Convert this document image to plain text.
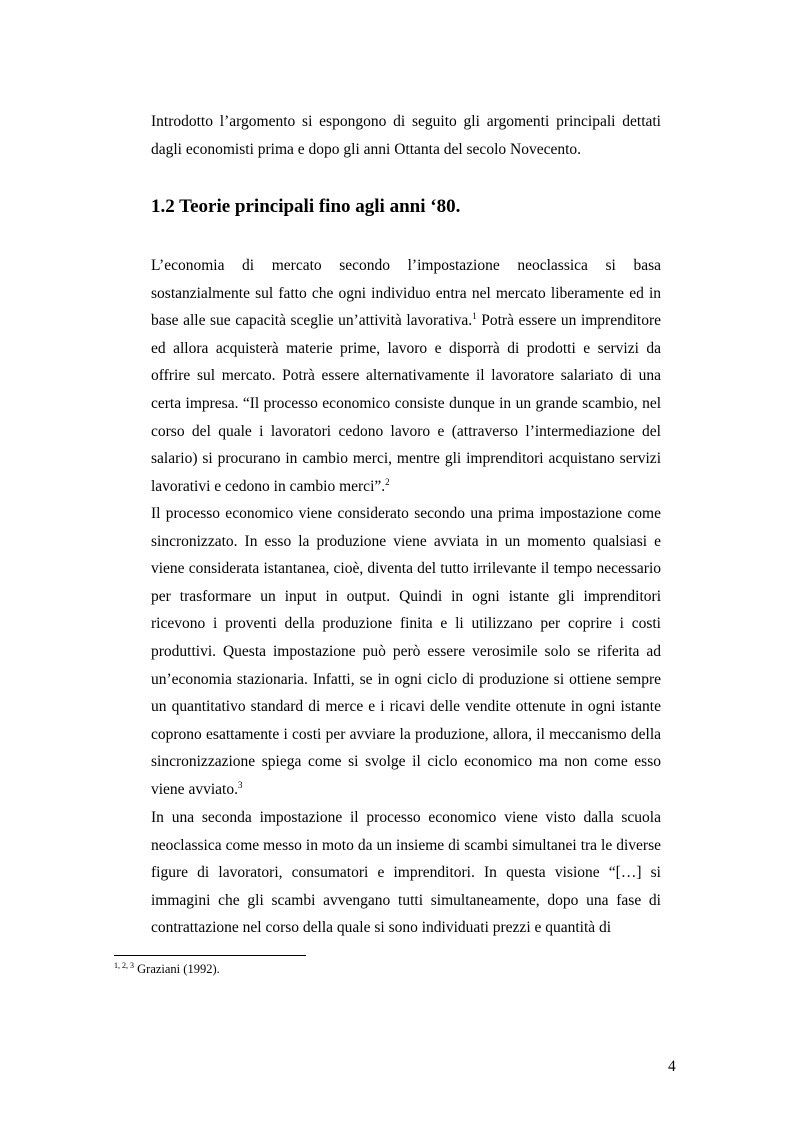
Introdotto l’argomento si espongono di seguito gli argomenti principali dettati dagli economisti prima e dopo gli anni Ottanta del secolo Novecento.

1.2 Teorie principali fino agli anni ‘80.

L’economia di mercato secondo l’impostazione neoclassica si basa sostanzialmente sul fatto che ogni individuo entra nel mercato liberamente ed in base alle sue capacità sceglie un’attività lavorativa.$^1$ Potrà essere un imprenditore ed allora acquisterà materie prime, lavoro e disporrà di prodotti e servizi da offrire sul mercato. Potrà essere alternativamente il lavoratore salariato di una certa impresa. “Il processo economico consiste dunque in un grande scambio, nel corso del quale i lavoratori cedono lavoro e (attraverso l’intermediazione del salario) si procurano in cambio merci, mentre gli imprenditori acquistano servizi lavorativi e cedono in cambio merci”.$^2$

Il processo economico viene considerato secondo una prima impostazione come sincronizzato. In esso la produzione viene avviata in un momento qualsiasi e viene considerata istantanea, cioè, diventa del tutto irrilevante il tempo necessario per trasformare un input in output. Quindi in ogni istante gli imprenditori ricevono i proventi della produzione finita e li utilizzano per coprire i costi produttivi. Questa impostazione può però essere verosimile solo se riferita ad un’economia stazionaria. Infatti, se in ogni ciclo di produzione si ottiene sempre un quantitativo standard di merce e i ricavi delle vendite ottenute in ogni istante coprono esattamente i costi per avviare la produzione, allora, il meccanismo della sincronizzazione spiega come si svolge il ciclo economico ma non come esso viene avviato.$^3$

In una seconda impostazione il processo economico viene visto dalla scuola neoclassica come messo in moto da un insieme di scambi simultanei tra le diverse figure di lavoratori, consumatori e imprenditori. In questa visione “[…] si immagini che gli scambi avvengano tutti simultaneamente, dopo una fase di contrattazione nel corso della quale si sono individuati prezzi e quantità di

$^{1, 2, 3}$ Graziani (1992).
4
